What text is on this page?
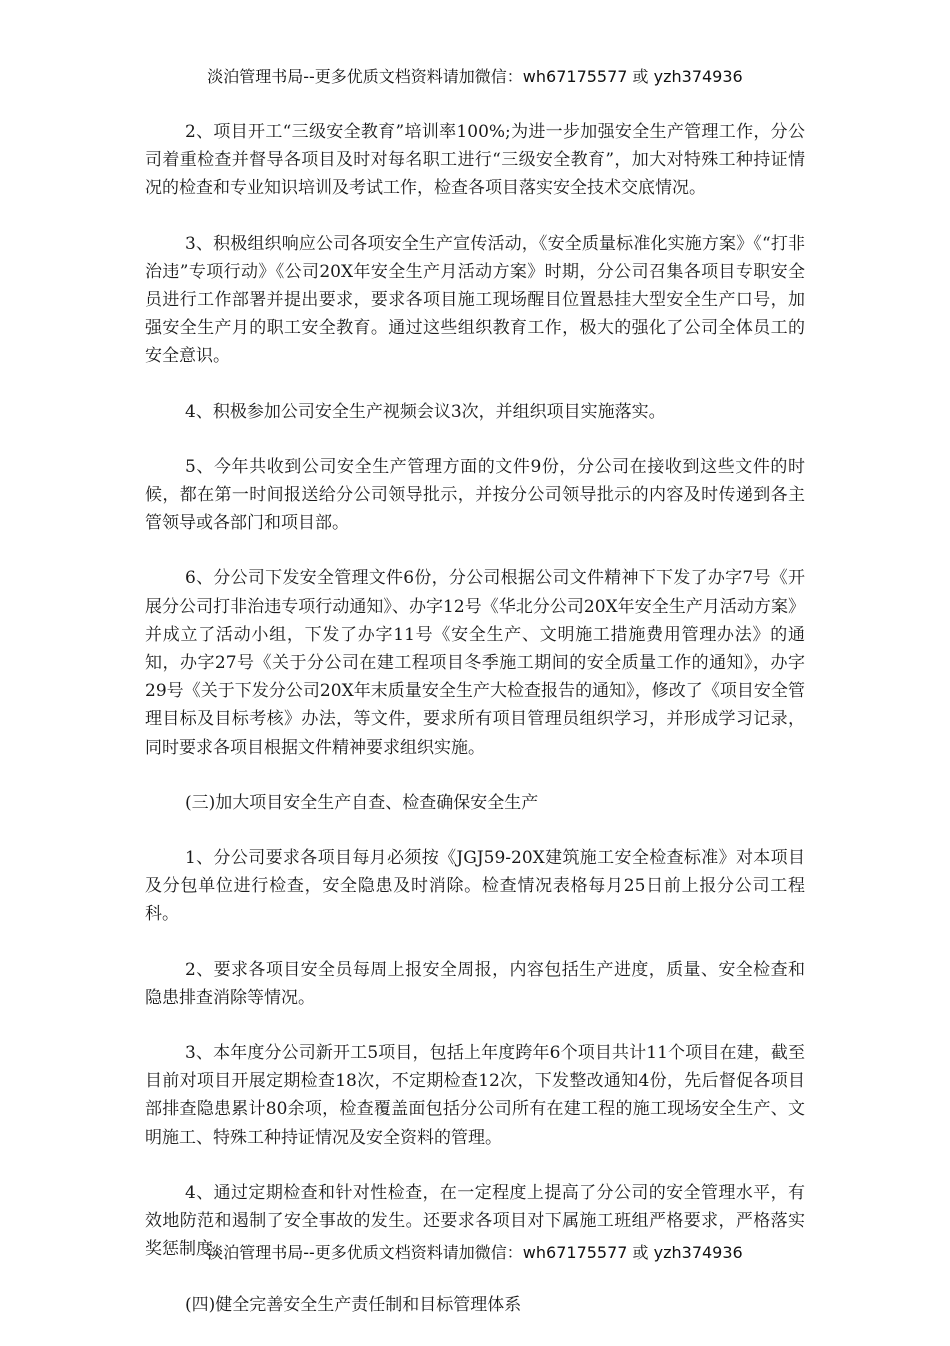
淡泊管理书局--更多优质文档资料请加微信：wh67175577 或 yzh374936

2、项目开工“三级安全教育”培训率100%;为进一步加强安全生产管理工作，分公司着重检查并督导各项目及时对每名职工进行“三级安全教育”，加大对特殊工种持证情况的检查和专业知识培训及考试工作，检查各项目落实安全技术交底情况。

3、积极组织响应公司各项安全生产宣传活动，《安全质量标准化实施方案》《“打非治违”专项行动》《公司20X年安全生产月活动方案》时期，分公司召集各项目专职安全员进行工作部署并提出要求，要求各项目施工现场醒目位置悬挂大型安全生产口号，加强安全生产月的职工安全教育。通过这些组织教育工作，极大的强化了公司全体员工的安全意识。

4、积极参加公司安全生产视频会议3次，并组织项目实施落实。

5、今年共收到公司安全生产管理方面的文件9份，分公司在接收到这些文件的时候，都在第一时间报送给分公司领导批示，并按分公司领导批示的内容及时传递到各主管领导或各部门和项目部。

6、分公司下发安全管理文件6份，分公司根据公司文件精神下下发了办字7号《开展分公司打非治违专项行动通知》、办字12号《华北分公司20X年安全生产月活动方案》并成立了活动小组，下发了办字11号《安全生产、文明施工措施费用管理办法》的通知，办字27号《关于分公司在建工程项目冬季施工期间的安全质量工作的通知》，办字29号《关于下发分公司20X年末质量安全生产大检查报告的通知》，修改了《项目安全管理目标及目标考核》办法，等文件，要求所有项目管理员组织学习，并形成学习记录，同时要求各项目根据文件精神要求组织实施。

(三)加大项目安全生产自查、检查确保安全生产

1、分公司要求各项目每月必须按《JGJ59-20X建筑施工安全检查标准》对本项目及分包单位进行检查，安全隐患及时消除。检查情况表格每月25日前上报分公司工程科。

2、要求各项目安全员每周上报安全周报，内容包括生产进度，质量、安全检查和隐患排查消除等情况。

3、本年度分公司新开工5项目，包括上年度跨年6个项目共计11个项目在建，截至目前对项目开展定期检查18次，不定期检查12次，下发整改通知4份，先后督促各项目部排查隐患累计80余项，检查覆盖面包括分公司所有在建工程的施工现场安全生产、文明施工、特殊工种持证情况及安全资料的管理。

4、通过定期检查和针对性检查，在一定程度上提高了分公司的安全管理水平，有效地防范和遏制了安全事故的发生。还要求各项目对下属施工班组严格要求，严格落实奖惩制度。

(四)健全完善安全生产责任制和目标管理体系

淡泊管理书局--更多优质文档资料请加微信：wh67175577 或 yzh374936
